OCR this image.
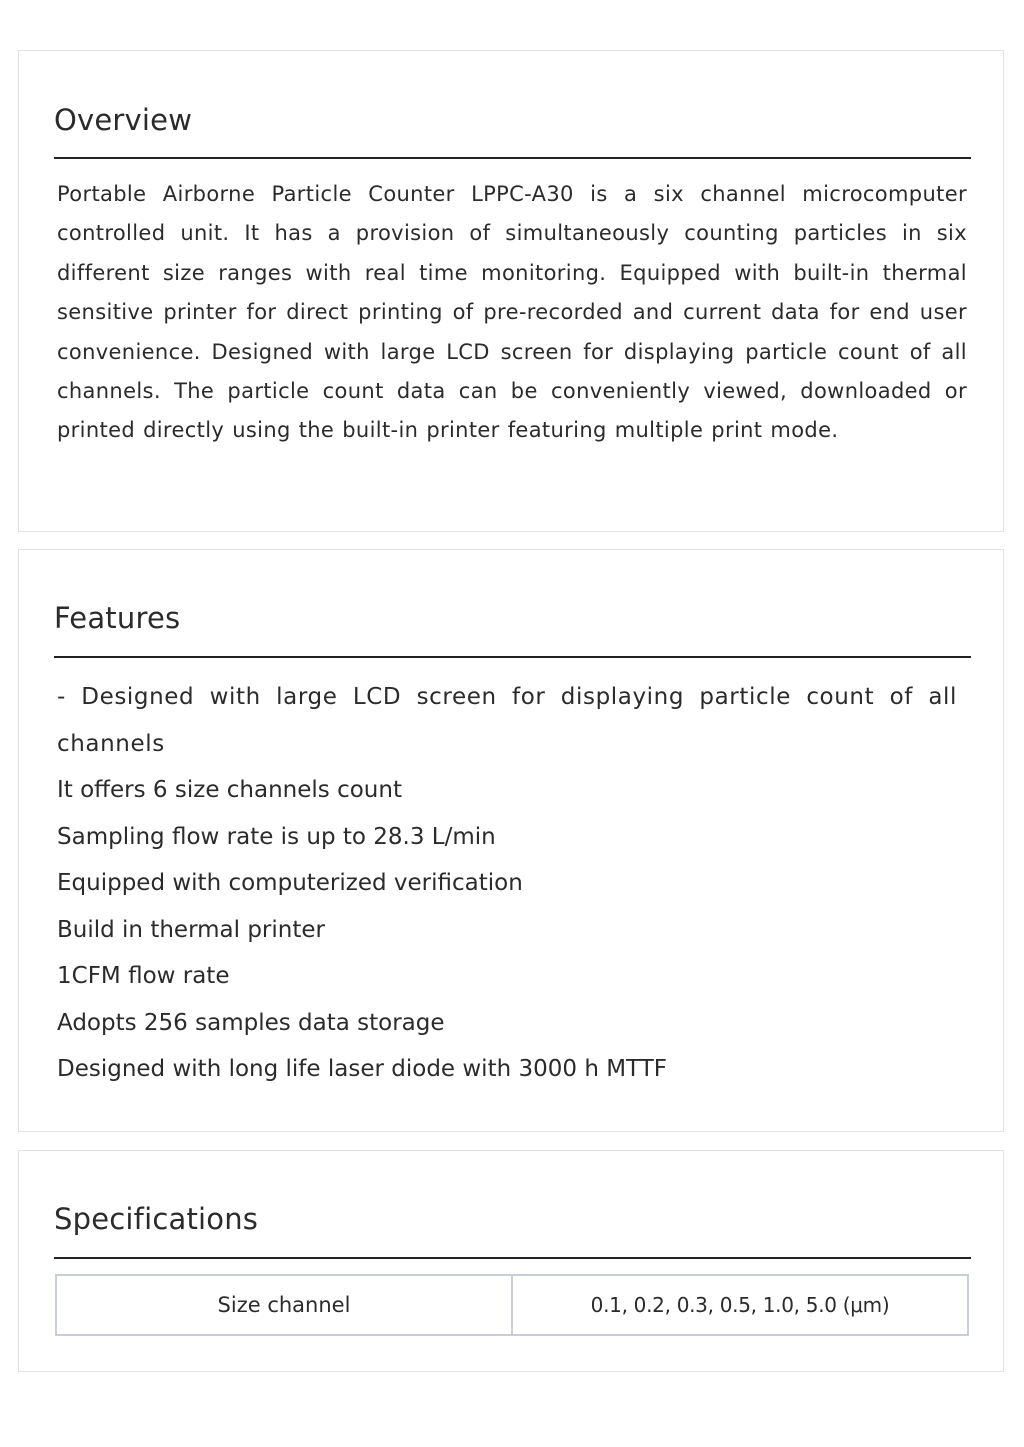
Overview

Portable Airborne Particle Counter LPPC-A30 is a six channel microcomputer controlled unit. It has a provision of simultaneously counting particles in six different size ranges with real time monitoring. Equipped with built-in thermal sensitive printer for direct printing of pre-recorded and current data for end user convenience. Designed with large LCD screen for displaying particle count of all channels. The particle count data can be conveniently viewed, downloaded or printed directly using the built-in printer featuring multiple print mode.

Features
- Designed with large LCD screen for displaying particle count of all channels
It offers 6 size channels count
Sampling flow rate is up to 28.3 L/min
Equipped with computerized verification
Build in thermal printer
1CFM flow rate
Adopts 256 samples data storage
Designed with long life laser diode with 3000 h MTTF
Specifications
Size channel	0.1, 0.2, 0.3, 0.5, 1.0, 5.0 (μm)
